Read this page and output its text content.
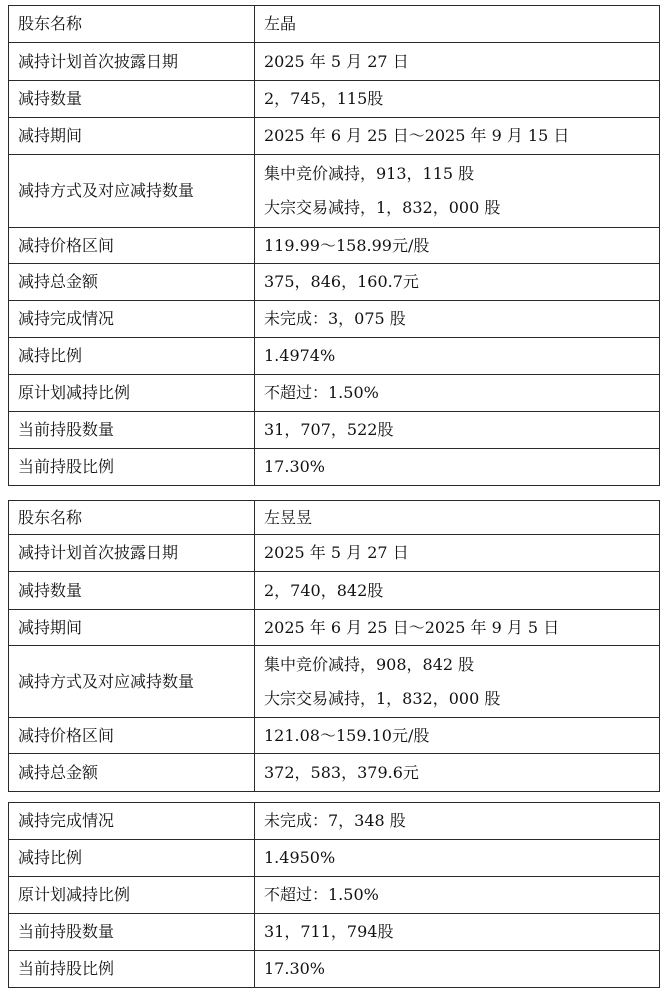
股东名称	左晶
减持计划首次披露日期	2025 年 5 月 27 日
减持数量	2，745，115股
减持期间	2025 年 6 月 25 日～2025 年 9 月 15 日
减持方式及对应减持数量	集中竞价减持，913，115 股
大宗交易减持，1，832，000 股

减持价格区间	119.99～158.99元/股
减持总金额	375，846，160.7元
减持完成情况	未完成：3，075 股
减持比例	1.4974%
原计划减持比例	不超过：1.50%
当前持股数量	31，707，522股
当前持股比例	17.30%
股东名称	左昱昱
减持计划首次披露日期	2025 年 5 月 27 日
减持数量	2，740，842股
减持期间	2025 年 6 月 25 日～2025 年 9 月 5 日
减持方式及对应减持数量	集中竞价减持，908，842 股
大宗交易减持，1，832，000 股

减持价格区间	121.08～159.10元/股
减持总金额	372，583，379.6元
减持完成情况	未完成：7，348 股
减持比例	1.4950%
原计划减持比例	不超过：1.50%
当前持股数量	31，711，794股
当前持股比例	17.30%
